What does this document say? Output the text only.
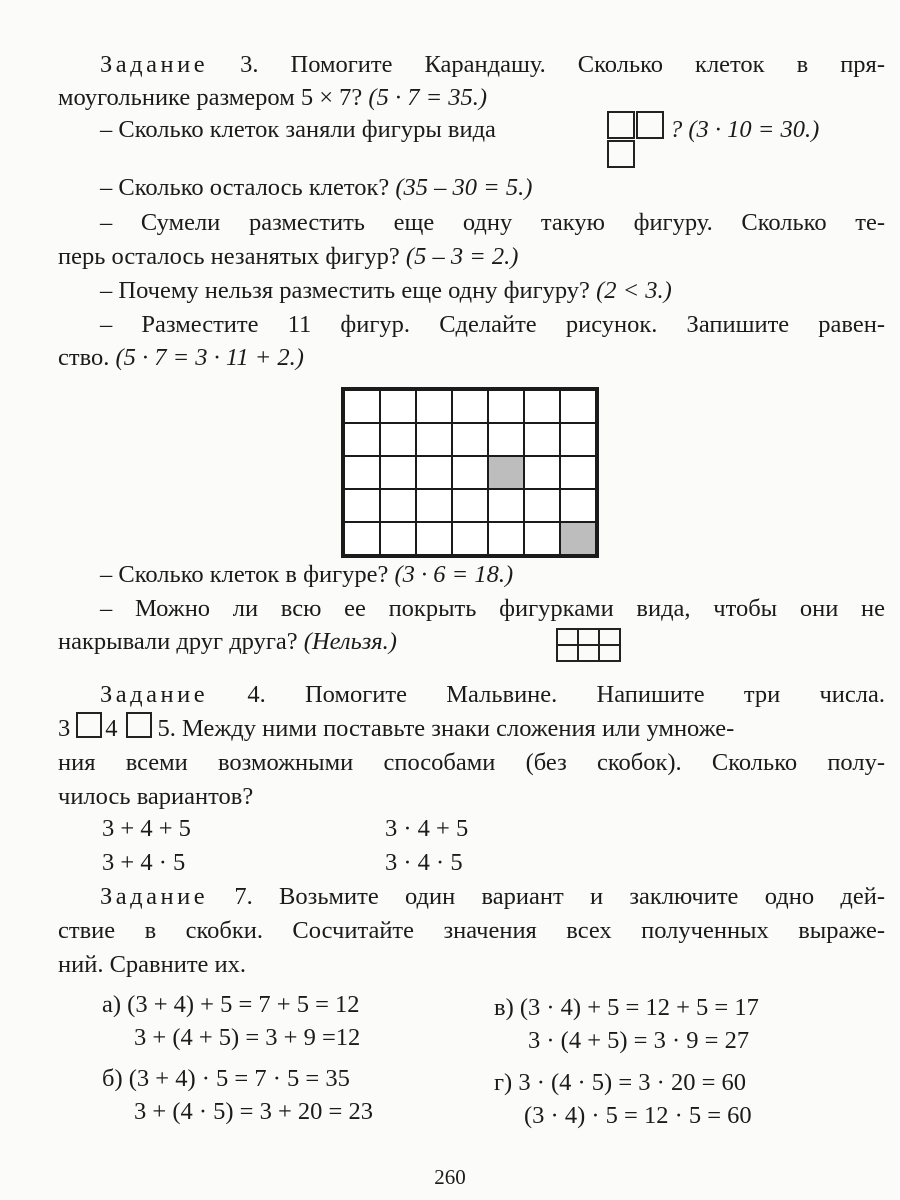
Задание 3. Помогите Карандашу. Сколько клеток в пря-
моугольнике размером 5 × 7? (5 · 7 = 35.)
– Сколько клеток заняли фигуры вида	? (3 · 10 = 30.)
– Сколько осталось клеток? (35 – 30 = 5.)
– Сумели разместить еще одну такую фигуру. Сколько те-
перь осталось незанятых фигур? (5 – 3 = 2.)
– Почему нельзя разместить еще одну фигуру? (2 < 3.)
– Разместите 11 фигур. Сделайте рисунок. Запишите равен-
ство. (5 · 7 = 3 · 11 + 2.)
– Сколько клеток в фигуре? (3 · 6 = 18.)
– Можно ли всю ее покрыть фигурками вида, чтобы они не
накрывали друг друга? (Нельзя.)
Задание 4. Помогите Мальвине. Напишите три числа.
3 4 5. Между ними поставьте знаки сложения или умноже-
ния всеми возможными способами (без скобок). Сколько полу-
чилось вариантов?
3 + 4 + 5	3 · 4 + 5
3 + 4 · 5	3 · 4 · 5
Задание 7. Возьмите один вариант и заключите одно дей-
ствие в скобки. Сосчитайте значения всех полученных выраже-
ний. Сравните их.
а) (3 + 4) + 5 = 7 + 5 = 12
3 + (4 + 5) = 3 + 9 =12
б) (3 + 4) · 5 = 7 · 5 = 35
3 + (4 · 5) = 3 + 20 = 23
в) (3 · 4) + 5 = 12 + 5 = 17
3 · (4 + 5) = 3 · 9 = 27
г) 3 · (4 · 5) = 3 · 20 = 60
(3 · 4) · 5 = 12 · 5 = 60
260
